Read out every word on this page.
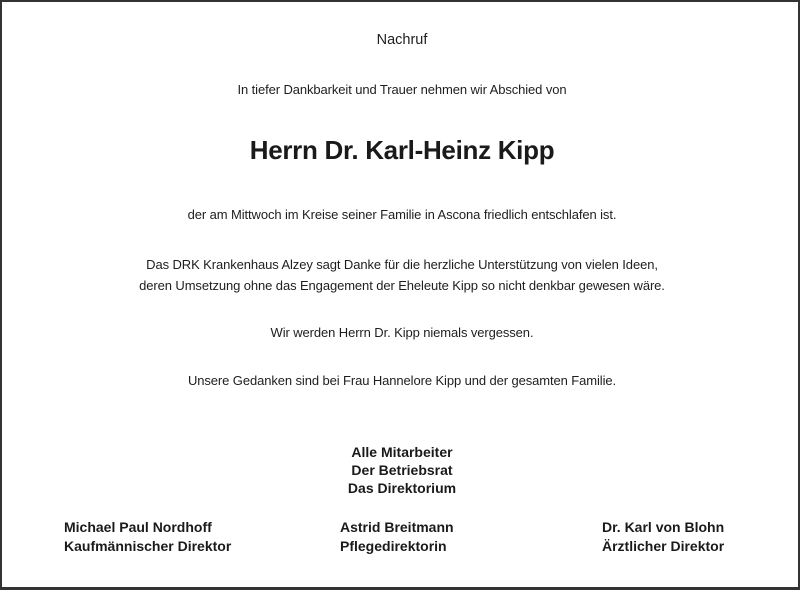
Nachruf
In tiefer Dankbarkeit und Trauer nehmen wir Abschied von
Herrn Dr. Karl-Heinz Kipp
der am Mittwoch im Kreise seiner Familie in Ascona friedlich entschlafen ist.
Das DRK Krankenhaus Alzey sagt Danke für die herzliche Unterstützung von vielen Ideen,
deren Umsetzung ohne das Engagement der Eheleute Kipp so nicht denkbar gewesen wäre.
Wir werden Herrn Dr. Kipp niemals vergessen.
Unsere Gedanken sind bei Frau Hannelore Kipp und der gesamten Familie.
Alle Mitarbeiter
Der Betriebsrat
Das Direktorium
Michael Paul Nordhoff
Kaufmännischer Direktor
Astrid Breitmann
Pflegedirektorin
Dr. Karl von Blohn
Ärztlicher Direktor
